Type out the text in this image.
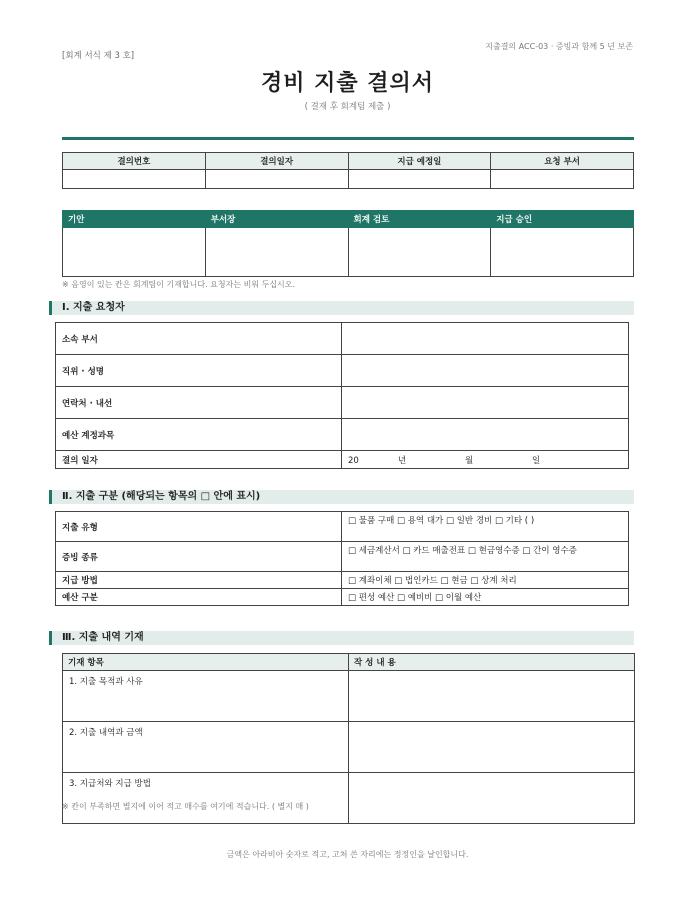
[회계 서식 제 3 호]
지출결의 ACC-03 · 증빙과 함께 5 년 보존
경비 지출 결의서
( 결재 후 회계팀 제출 )
결의번호	결의일자	지급 예정일	요청 부서

기안	부서장	회계 검토	지급 승인

※ 음영이 있는 칸은 회계팀이 기재합니다. 요청자는 비워 두십시오.
Ⅰ. 지출 요청자
소속 부서	
직위 · 성명	
연락처 · 내선	
예산 계정과목	
결의 일자	20 년 월 일
Ⅱ. 지출 구분 (해당되는 항목의 □ 안에 표시)
지출 유형	□ 물품 구매 □ 용역 대가 □ 일반 경비 □ 기타 ( )
증빙 종류	□ 세금계산서 □ 카드 매출전표 □ 현금영수증 □ 간이 영수증
지급 방법	□ 계좌이체 □ 법인카드 □ 현금 □ 상계 처리
예산 구분	□ 편성 예산 □ 예비비 □ 이월 예산
Ⅲ. 지출 내역 기재
기재 항목	작 성 내 용
1. 지출 목적과 사유	
2. 지출 내역과 금액	
3. 지급처와 지급 방법	
※ 칸이 부족하면 별지에 이어 적고 매수를 여기에 적습니다. ( 별지 매 )
금액은 아라비아 숫자로 적고, 고쳐 쓴 자리에는 정정인을 날인합니다.
